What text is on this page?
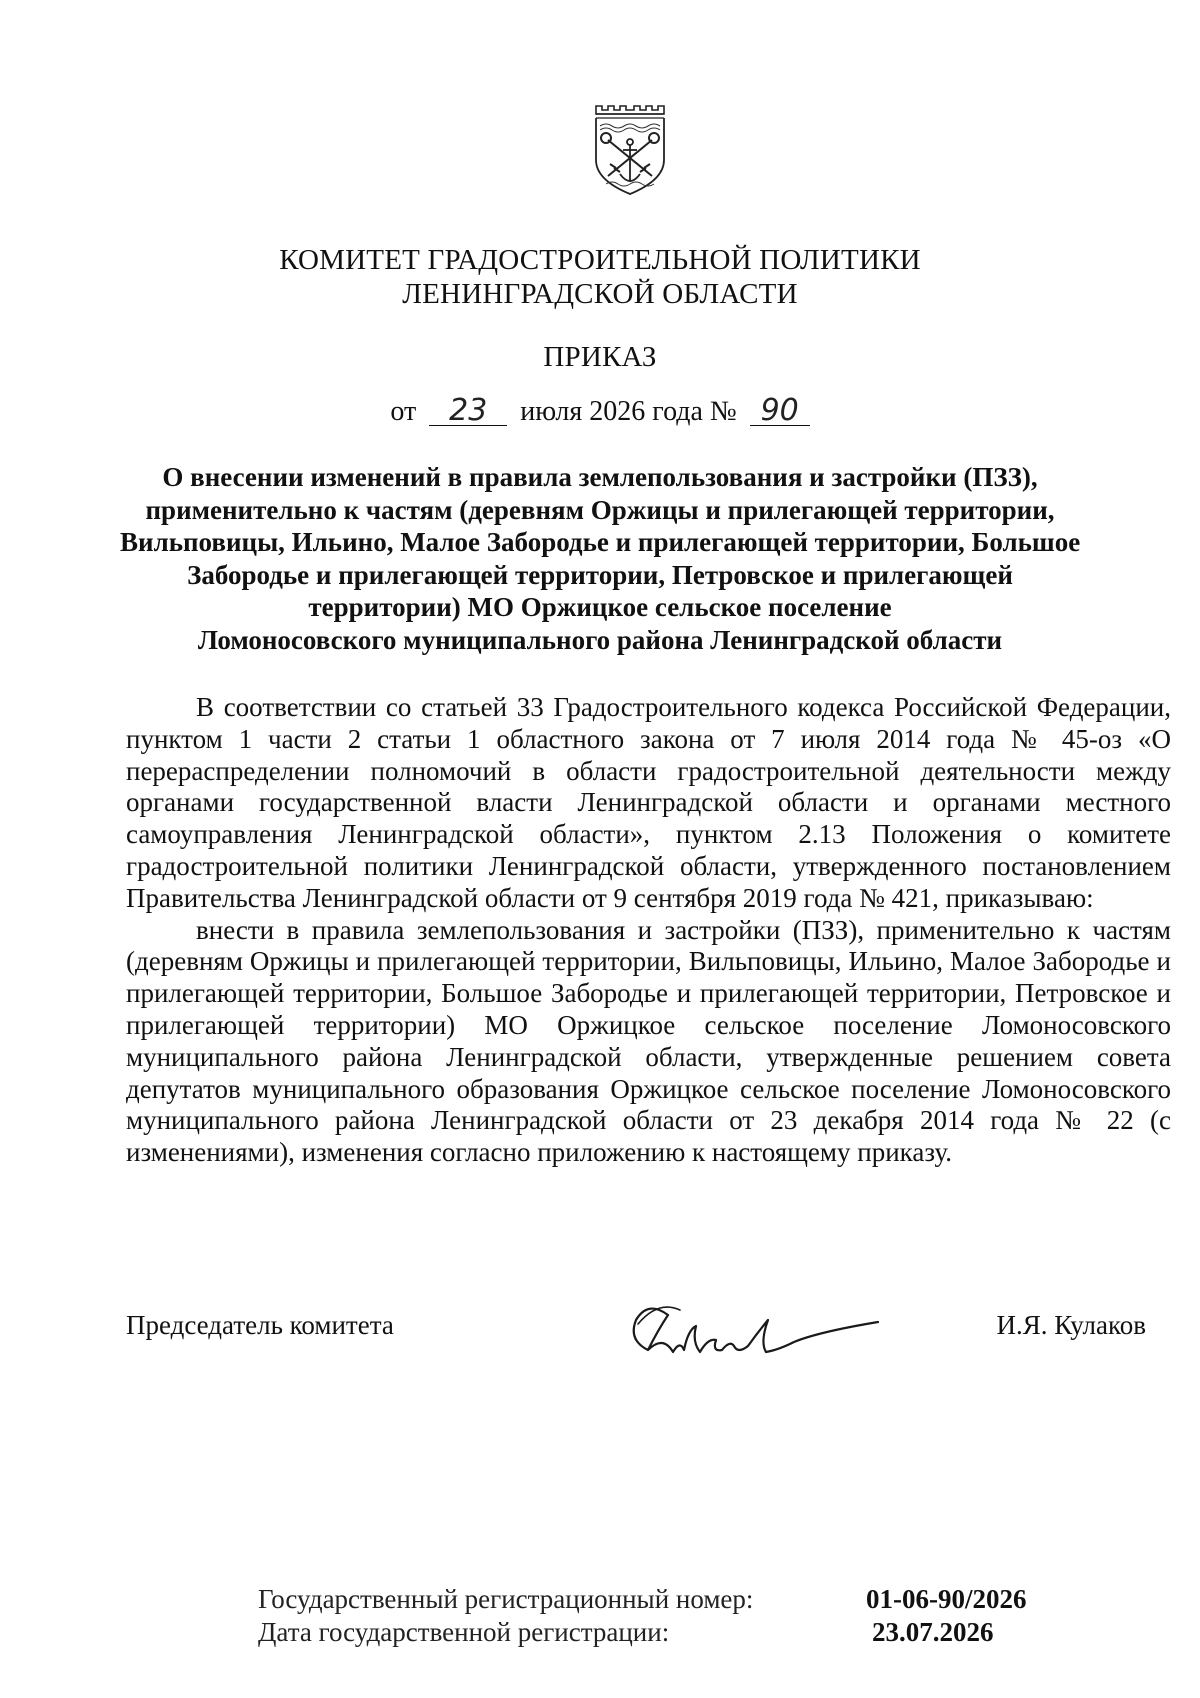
КОМИТЕТ ГРАДОСТРОИТЕЛЬНОЙ ПОЛИТИКИ
ЛЕНИНГРАДСКОЙ ОБЛАСТИ
ПРИКАЗ
от 23 июля 2026 года № 90
О внесении изменений в правила землепользования и застройки (ПЗЗ),
применительно к частям (деревням Оржицы и прилегающей территории,
Вильповицы, Ильино, Малое Забородье и прилегающей территории, Большое
Забородье и прилегающей территории, Петровское и прилегающей
территории) МО Оржицкое сельское поселение
Ломоносовского муниципального района Ленинградской области

В соответствии со статьей 33 Градостроительного кодекса Российской Федерации, пунктом 1 части 2 статьи 1 областного закона от 7 июля 2014 года № 45-оз «О перераспределении полномочий в области градостроительной деятельности между органами государственной власти Ленинградской области и органами местного самоуправления Ленинградской области», пунктом 2.13 Положения о комитете градостроительной политики Ленинградской области, утвержденного постановлением Правительства Ленинградской области от 9 сентября 2019 года № 421, приказываю:

внести в правила землепользования и застройки (ПЗЗ), применительно к частям (деревням Оржицы и прилегающей территории, Вильповицы, Ильино, Малое Забородье и прилегающей территории, Большое Забородье и прилегающей территории, Петровское и прилегающей территории) МО Оржицкое сельское поселение Ломоносовского муниципального района Ленинградской области, утвержденные решением совета депутатов муниципального образования Оржицкое сельское поселение Ломоносовского муниципального района Ленинградской области от 23 декабря 2014 года № 22 (с изменениями), изменения согласно приложению к настоящему приказу.

Председатель комитета	И.Я. Кулаков
Государственный регистрационный номер:	01-06-90/2026
Дата государственной регистрации:	23.07.2026
